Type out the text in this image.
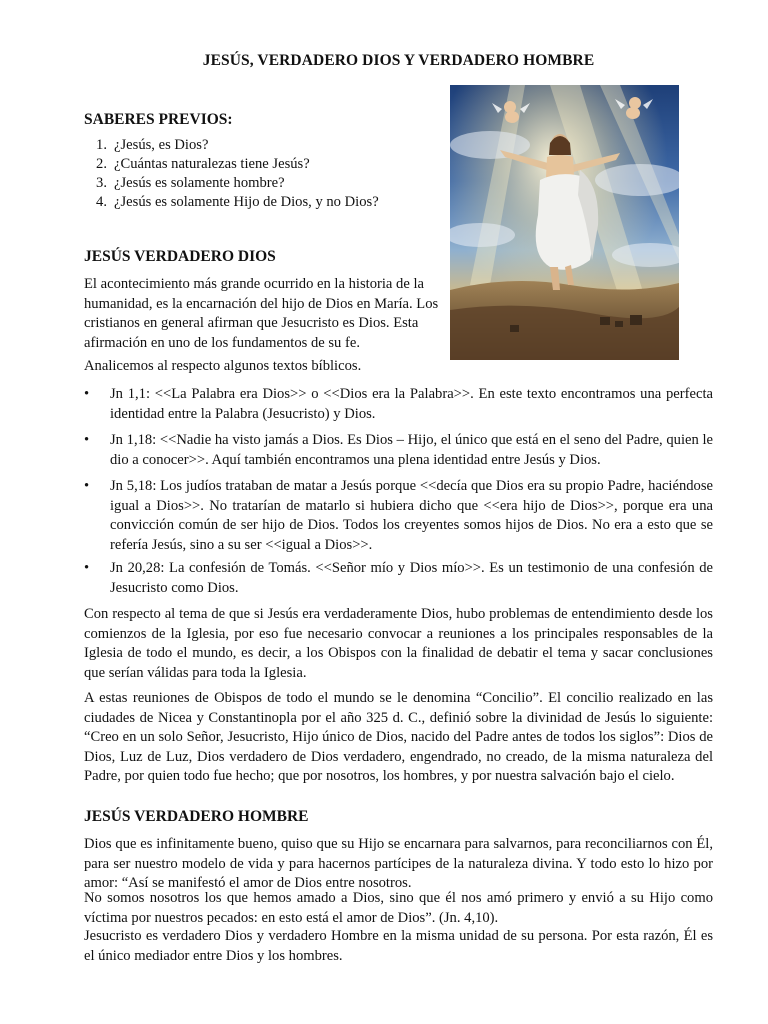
JESÚS, VERDADERO DIOS Y VERDADERO HOMBRE
SABERES PREVIOS:
1. ¿Jesús, es Dios?
2. ¿Cuántas naturalezas tiene Jesús?
3. ¿Jesús es solamente hombre?
4. ¿Jesús es solamente Hijo de Dios, y no Dios?
JESÚS VERDADERO DIOS
El acontecimiento más grande ocurrido en la historia de la humanidad, es la encarnación del hijo de Dios en María. Los cristianos en general afirman que Jesucristo es Dios. Esta afirmación en uno de los fundamentos de su fe.
Analicemos al respecto algunos textos bíblicos.
• Jn 1,1: <<La Palabra era Dios>> o <<Dios era la Palabra>>. En este texto encontramos una perfecta identidad entre la Palabra (Jesucristo) y Dios.
• Jn 1,18: <<Nadie ha visto jamás a Dios. Es Dios – Hijo, el único que está en el seno del Padre, quien le dio a conocer>>. Aquí también encontramos una plena identidad entre Jesús y Dios.
• Jn 5,18: Los judíos trataban de matar a Jesús porque <<decía que Dios era su propio Padre, haciéndose igual a Dios>>. No tratarían de matarlo si hubiera dicho que <<era hijo de Dios>>, porque era una convicción común de ser hijo de Dios. Todos los creyentes somos hijos de Dios. No era a esto que se refería Jesús, sino a su ser <<igual a Dios>>.
• Jn 20,28: La confesión de Tomás. <<Señor mío y Dios mío>>. Es un testimonio de una confesión de Jesucristo como Dios.
Con respecto al tema de que si Jesús era verdaderamente Dios, hubo problemas de entendimiento desde los comienzos de la Iglesia, por eso fue necesario convocar a reuniones a los principales responsables de la Iglesia de todo el mundo, es decir, a los Obispos con la finalidad de debatir el tema y sacar conclusiones que serían válidas para toda la Iglesia.
A estas reuniones de Obispos de todo el mundo se le denomina “Concilio”. El concilio realizado en las ciudades de Nicea y Constantinopla por el año 325 d. C., definió sobre la divinidad de Jesús lo siguiente: “Creo en un solo Señor, Jesucristo, Hijo único de Dios, nacido del Padre antes de todos los siglos”: Dios de Dios, Luz de Luz, Dios verdadero de Dios verdadero, engendrado, no creado, de la misma naturaleza del Padre, por quien todo fue hecho; que por nosotros, los hombres, y por nuestra salvación bajo el cielo.
JESÚS VERDADERO HOMBRE
Dios que es infinitamente bueno, quiso que su Hijo se encarnara para salvarnos, para reconciliarnos con Él, para ser nuestro modelo de vida y para hacernos partícipes de la naturaleza divina. Y todo esto lo hizo por amor: “Así se manifestó el amor de Dios entre nosotros.
No somos nosotros los que hemos amado a Dios, sino que él nos amó primero y envió a su Hijo como víctima por nuestros pecados: en esto está el amor de Dios”. (Jn. 4,10).
Jesucristo es verdadero Dios y verdadero Hombre en la misma unidad de su persona. Por esta razón, Él es el único mediador entre Dios y los hombres.
